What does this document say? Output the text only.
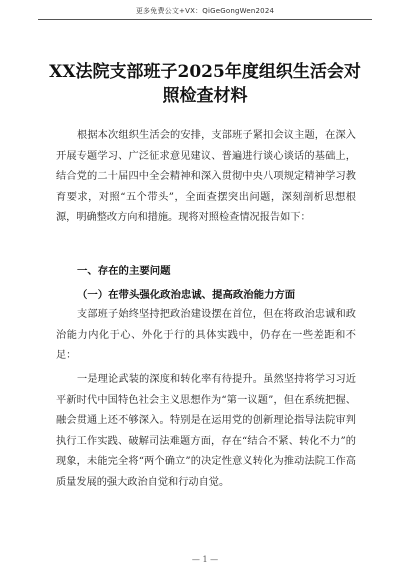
更多免费公文+VX：QiGeGongWen2024
XX法院支部班子2025年度组织生活会对
照检查材料
根据本次组织生活会的安排，支部班子紧扣会议主题，在深入开展专题学习、广泛征求意见建议、普遍进行谈心谈话的基础上，结合党的二十届四中全会精神和深入贯彻中央八项规定精神学习教育要求，对照“五个带头”，全面查摆突出问题，深刻剖析思想根源，明确整改方向和措施。现将对照检查情况报告如下：
一、存在的主要问题
（一）在带头强化政治忠诚、提高政治能力方面
支部班子始终坚持把政治建设摆在首位，但在将政治忠诚和政治能力内化于心、外化于行的具体实践中，仍存在一些差距和不足：
一是理论武装的深度和转化率有待提升。虽然坚持将学习习近平新时代中国特色社会主义思想作为“第一议题”，但在系统把握、融会贯通上还不够深入。特别是在运用党的创新理论指导法院审判执行工作实践、破解司法难题方面，存在“结合不紧、转化不力”的现象，未能完全将“两个确立”的决定性意义转化为推动法院工作高质量发展的强大政治自觉和行动自觉。
— 1 —
